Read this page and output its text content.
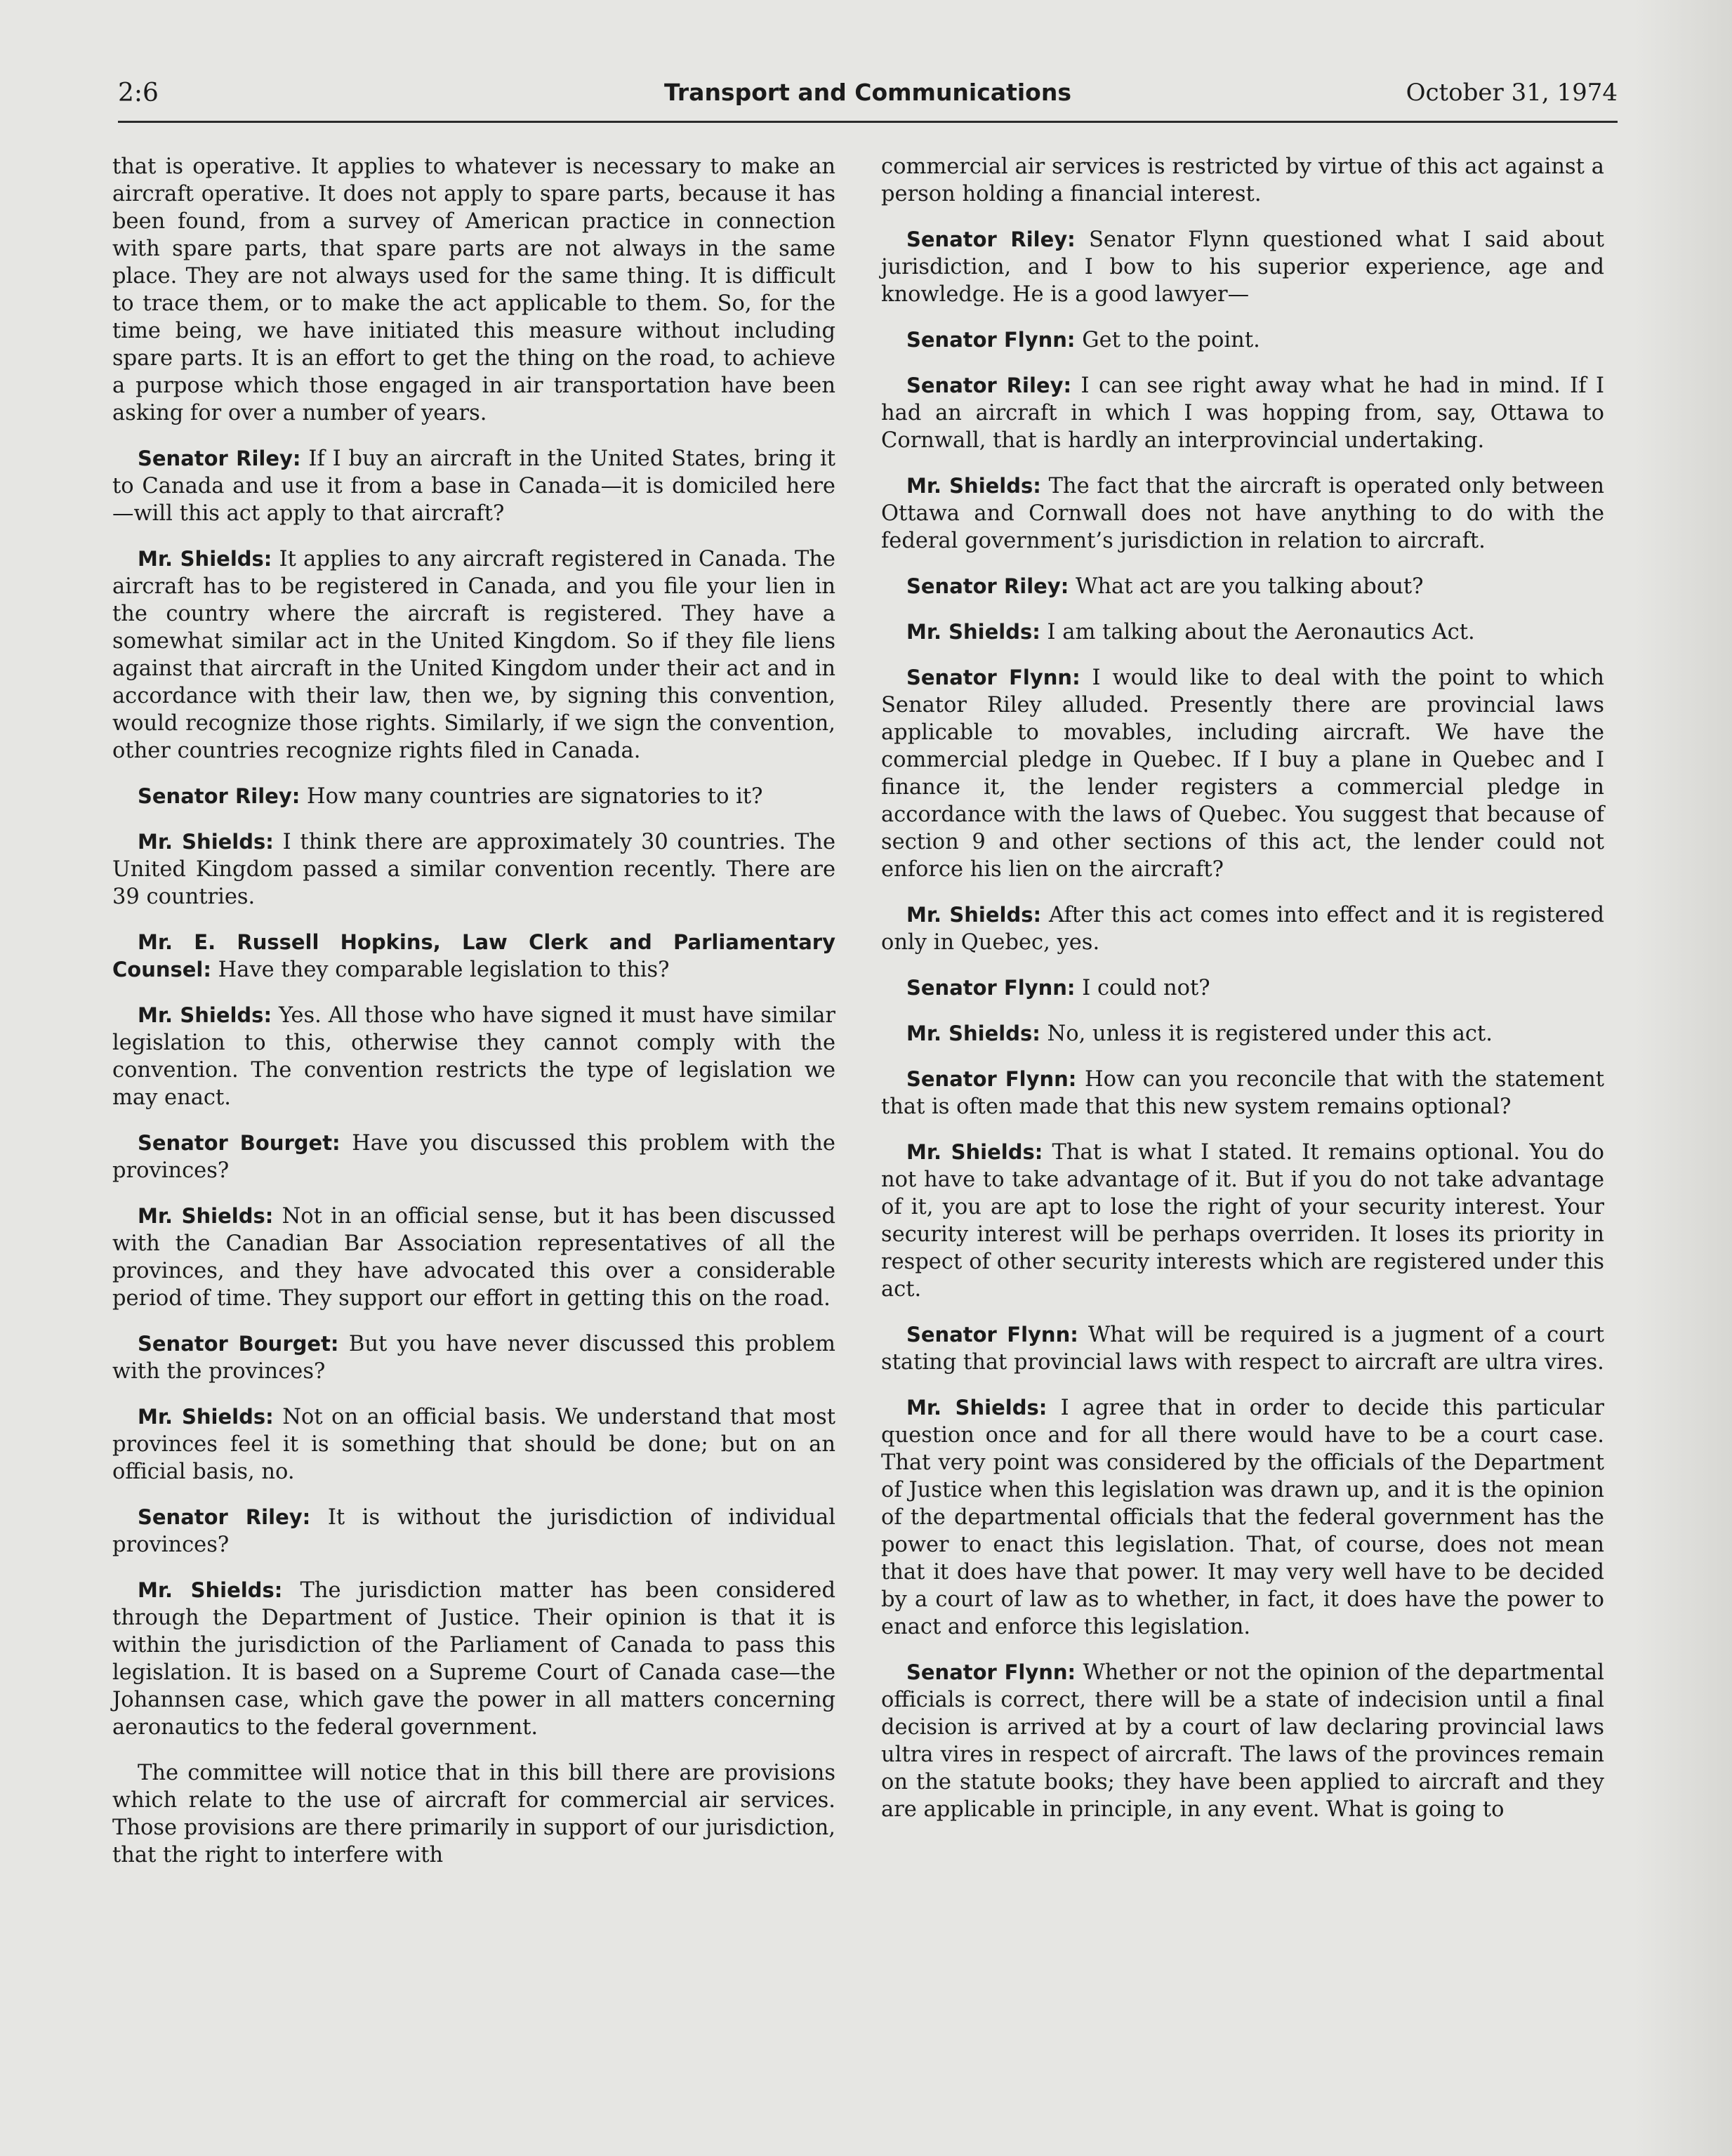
2:6	Transport and Communications	October 31, 1974

that is operative. It applies to whatever is necessary to make an aircraft operative. It does not apply to spare parts, because it has been found, from a survey of American practice in connection with spare parts, that spare parts are not always in the same place. They are not always used for the same thing. It is difficult to trace them, or to make the act applicable to them. So, for the time being, we have initiated this measure without including spare parts. It is an effort to get the thing on the road, to achieve a purpose which those engaged in air transportation have been asking for over a number of years.

Senator Riley: If I buy an aircraft in the United States, bring it to Canada and use it from a base in Canada—it is domiciled here—will this act apply to that aircraft?

Mr. Shields: It applies to any aircraft registered in Canada. The aircraft has to be registered in Canada, and you file your lien in the country where the aircraft is registered. They have a somewhat similar act in the United Kingdom. So if they file liens against that aircraft in the United Kingdom under their act and in accordance with their law, then we, by signing this convention, would recognize those rights. Similarly, if we sign the convention, other countries recognize rights filed in Canada.

Senator Riley: How many countries are signatories to it?

Mr. Shields: I think there are approximately 30 countries. The United Kingdom passed a similar convention recently. There are 39 countries.

Mr. E. Russell Hopkins, Law Clerk and Parliamentary Counsel: Have they comparable legislation to this?

Mr. Shields: Yes. All those who have signed it must have similar legislation to this, otherwise they cannot comply with the convention. The convention restricts the type of legislation we may enact.

Senator Bourget: Have you discussed this problem with the provinces?

Mr. Shields: Not in an official sense, but it has been discussed with the Canadian Bar Association representatives of all the provinces, and they have advocated this over a considerable period of time. They support our effort in getting this on the road.

Senator Bourget: But you have never discussed this problem with the provinces?

Mr. Shields: Not on an official basis. We understand that most provinces feel it is something that should be done; but on an official basis, no.

Senator Riley: It is without the jurisdiction of individual provinces?

Mr. Shields: The jurisdiction matter has been considered through the Department of Justice. Their opinion is that it is within the jurisdiction of the Parliament of Canada to pass this legislation. It is based on a Supreme Court of Canada case—the Johannsen case, which gave the power in all matters concerning aeronautics to the federal government.

The committee will notice that in this bill there are provisions which relate to the use of aircraft for commercial air services. Those provisions are there primarily in support of our jurisdiction, that the right to interfere with

commercial air services is restricted by virtue of this act against a person holding a financial interest.

Senator Riley: Senator Flynn questioned what I said about jurisdiction, and I bow to his superior experience, age and knowledge. He is a good lawyer—

Senator Flynn: Get to the point.

Senator Riley: I can see right away what he had in mind. If I had an aircraft in which I was hopping from, say, Ottawa to Cornwall, that is hardly an interprovincial undertaking.

Mr. Shields: The fact that the aircraft is operated only between Ottawa and Cornwall does not have anything to do with the federal government’s jurisdiction in relation to aircraft.

Senator Riley: What act are you talking about?

Mr. Shields: I am talking about the Aeronautics Act.

Senator Flynn: I would like to deal with the point to which Senator Riley alluded. Presently there are provincial laws applicable to movables, including aircraft. We have the commercial pledge in Quebec. If I buy a plane in Quebec and I finance it, the lender registers a commercial pledge in accordance with the laws of Quebec. You suggest that because of section 9 and other sections of this act, the lender could not enforce his lien on the aircraft?

Mr. Shields: After this act comes into effect and it is registered only in Quebec, yes.

Senator Flynn: I could not?

Mr. Shields: No, unless it is registered under this act.

Senator Flynn: How can you reconcile that with the statement that is often made that this new system remains optional?

Mr. Shields: That is what I stated. It remains optional. You do not have to take advantage of it. But if you do not take advantage of it, you are apt to lose the right of your security interest. Your security interest will be perhaps overriden. It loses its priority in respect of other security interests which are registered under this act.

Senator Flynn: What will be required is a jugment of a court stating that provincial laws with respect to aircraft are ultra vires.

Mr. Shields: I agree that in order to decide this particular question once and for all there would have to be a court case. That very point was considered by the officials of the Department of Justice when this legislation was drawn up, and it is the opinion of the departmental officials that the federal government has the power to enact this legislation. That, of course, does not mean that it does have that power. It may very well have to be decided by a court of law as to whether, in fact, it does have the power to enact and enforce this legislation.

Senator Flynn: Whether or not the opinion of the departmental officials is correct, there will be a state of indecision until a final decision is arrived at by a court of law declaring provincial laws ultra vires in respect of aircraft. The laws of the provinces remain on the statute books; they have been applied to aircraft and they are applicable in principle, in any event. What is going to
